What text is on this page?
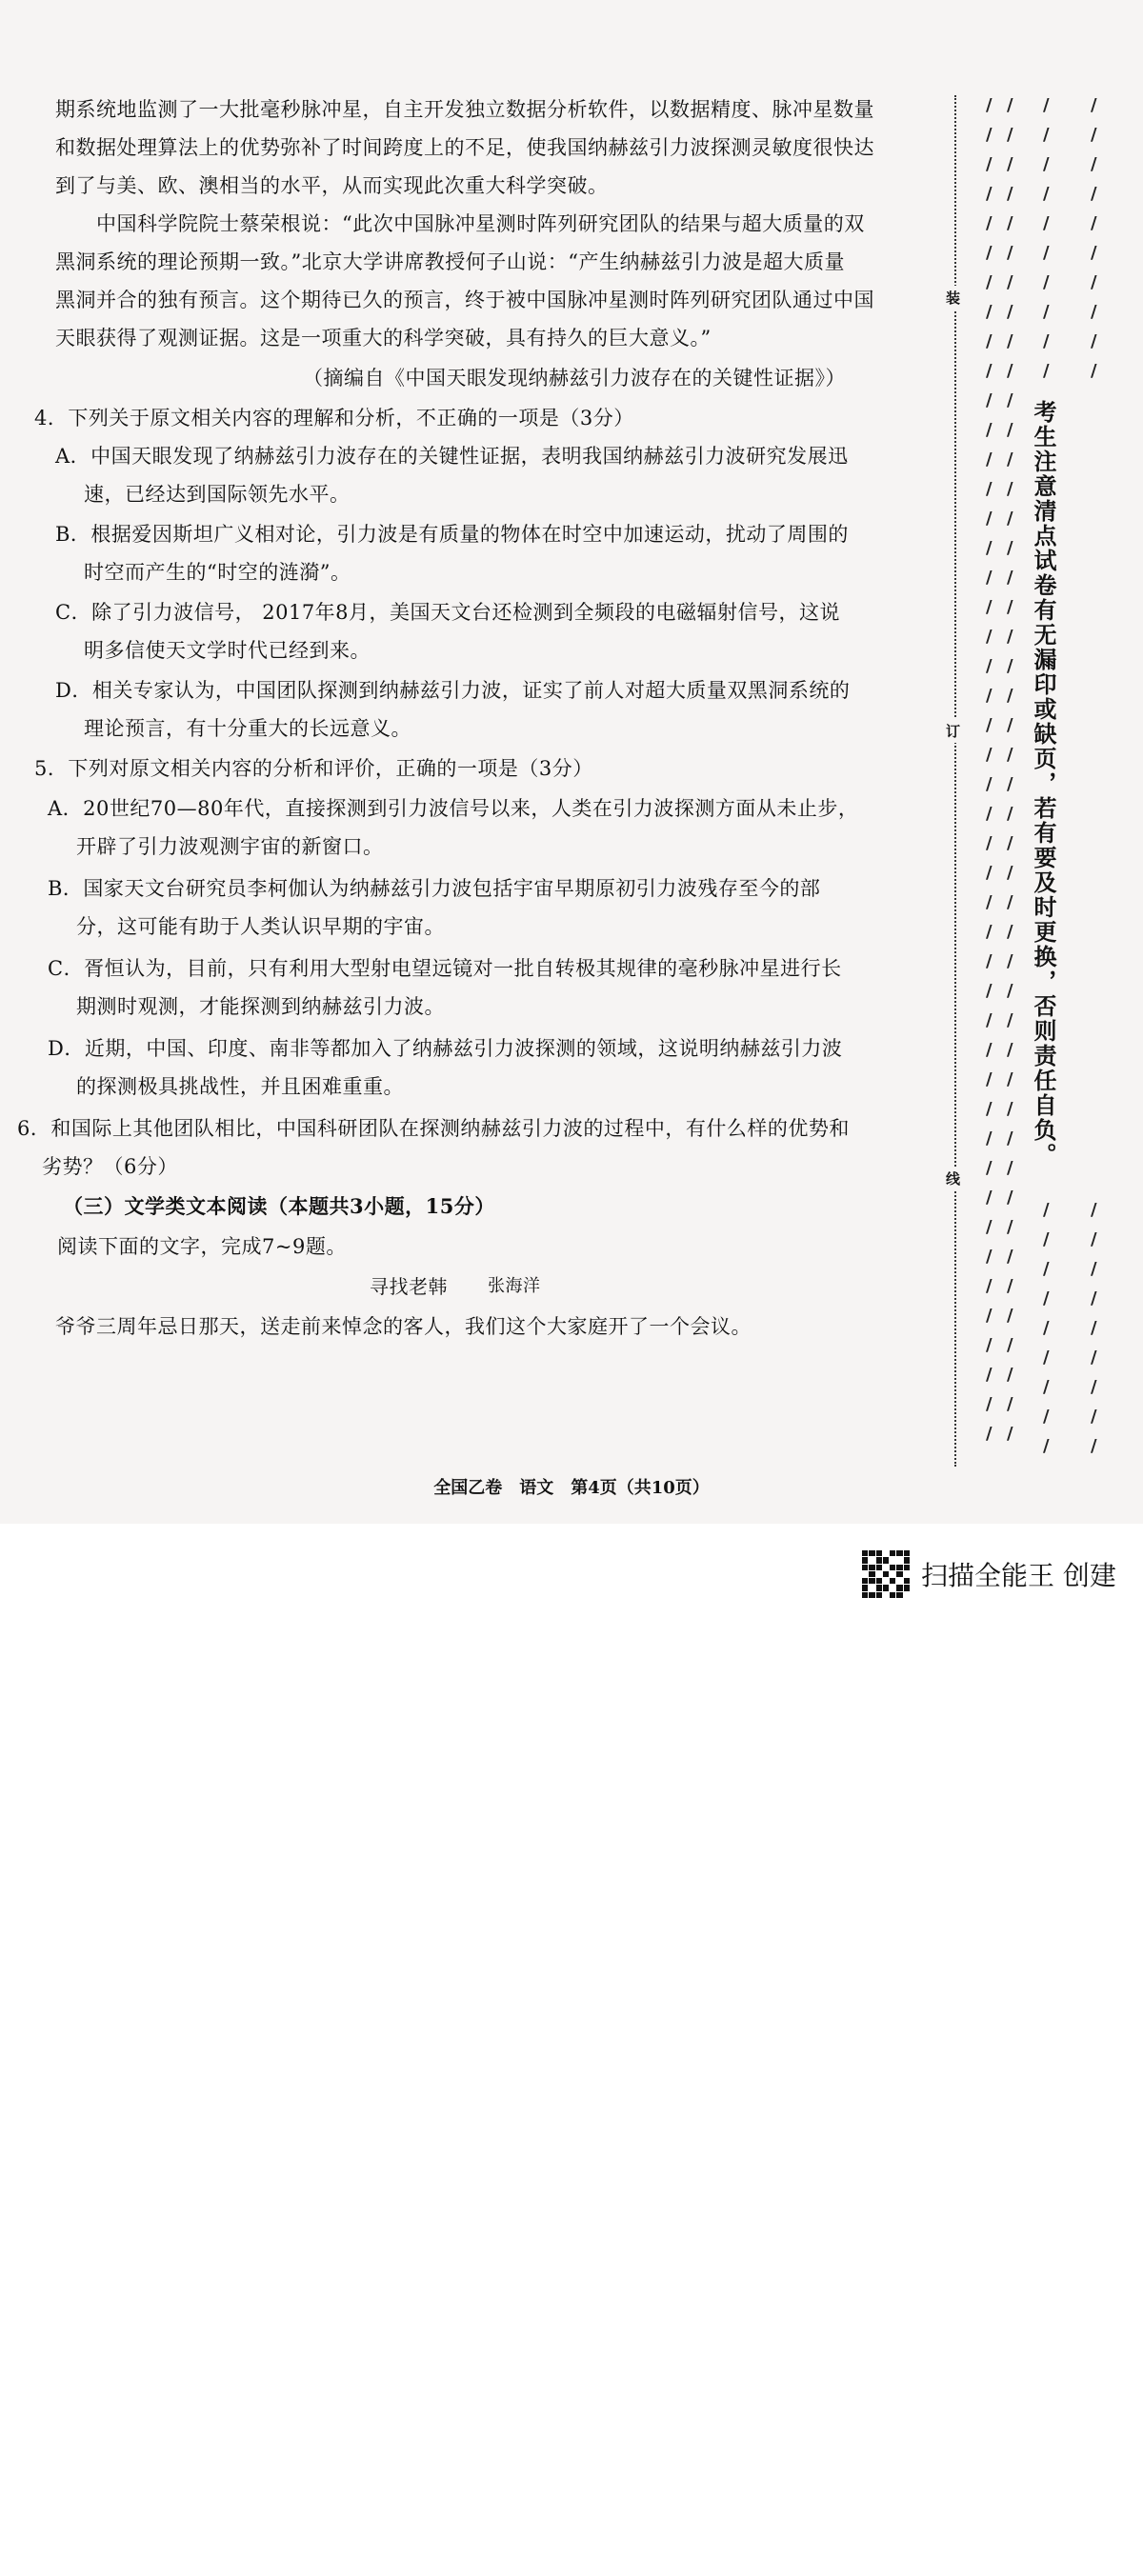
期系统地监测了一大批毫秒脉冲星，自主开发独立数据分析软件，以数据精度、脉冲星数量
和数据处理算法上的优势弥补了时间跨度上的不足，使我国纳赫兹引力波探测灵敏度很快达
到了与美、欧、澳相当的水平，从而实现此次重大科学突破。
　　中国科学院院士蔡荣根说：“此次中国脉冲星测时阵列研究团队的结果与超大质量的双
黑洞系统的理论预期一致。”北京大学讲席教授何子山说：“产生纳赫兹引力波是超大质量
黑洞并合的独有预言。这个期待已久的预言，终于被中国脉冲星测时阵列研究团队通过中国
天眼获得了观测证据。这是一项重大的科学突破，具有持久的巨大意义。”
（摘编自《中国天眼发现纳赫兹引力波存在的关键性证据》）
4．下列关于原文相关内容的理解和分析，不正确的一项是（3分）
A．中国天眼发现了纳赫兹引力波存在的关键性证据，表明我国纳赫兹引力波研究发展迅
速，已经达到国际领先水平。
B．根据爱因斯坦广义相对论，引力波是有质量的物体在时空中加速运动，扰动了周围的
时空而产生的“时空的涟漪”。
C．除了引力波信号， 2017年8月，美国天文台还检测到全频段的电磁辐射信号，这说
明多信使天文学时代已经到来。
D．相关专家认为，中国团队探测到纳赫兹引力波，证实了前人对超大质量双黑洞系统的
理论预言，有十分重大的长远意义。
5．下列对原文相关内容的分析和评价，正确的一项是（3分）
A．20世纪70—80年代，直接探测到引力波信号以来，人类在引力波探测方面从未止步，
开辟了引力波观测宇宙的新窗口。
B．国家天文台研究员李柯伽认为纳赫兹引力波包括宇宙早期原初引力波残存至今的部
分，这可能有助于人类认识早期的宇宙。
C．胥恒认为，目前，只有利用大型射电望远镜对一批自转极其规律的毫秒脉冲星进行长
期测时观测，才能探测到纳赫兹引力波。
D．近期，中国、印度、南非等都加入了纳赫兹引力波探测的领域，这说明纳赫兹引力波
的探测极具挑战性，并且困难重重。
6．和国际上其他团队相比，中国科研团队在探测纳赫兹引力波的过程中，有什么样的优势和
劣势？（6分）
（三）文学类文本阅读（本题共3小题，15分）
阅读下面的文字，完成7~9题。
寻找老韩 张海洋
爷爷三周年忌日那天，送走前来悼念的客人，我们这个大家庭开了一个会议。
/
/
/
/
/
/
/
/
/
/
/
/
/
/
/
/
/
/
/
/
/
/
/
/
/
/
/
/
/
/
/
/
/
/
/
/
/
/
/
/
/
/
/
/
/
/
/
/
/
/
/
/
/
/
/
/
/
/
/
/
/
/
/
/
/
/
/
/
/
/
/
/
/
/
/
/
/
/
/
/
/
/
/
/
/
/
/
/
/
/
/
/
/
/
/
/
/
/
/
/
/
/
/
/
/
/
/
/
/
/
/
/
/
/
/
/
/
/
/
/
/
/
/
/
/
/
/
/
/
/
装
订
线
考生注意清点试卷有无漏印或缺页，若有要及时更换，否则责任自负。
全国乙卷　语文　第4页（共10页）
扫描全能王 创建
